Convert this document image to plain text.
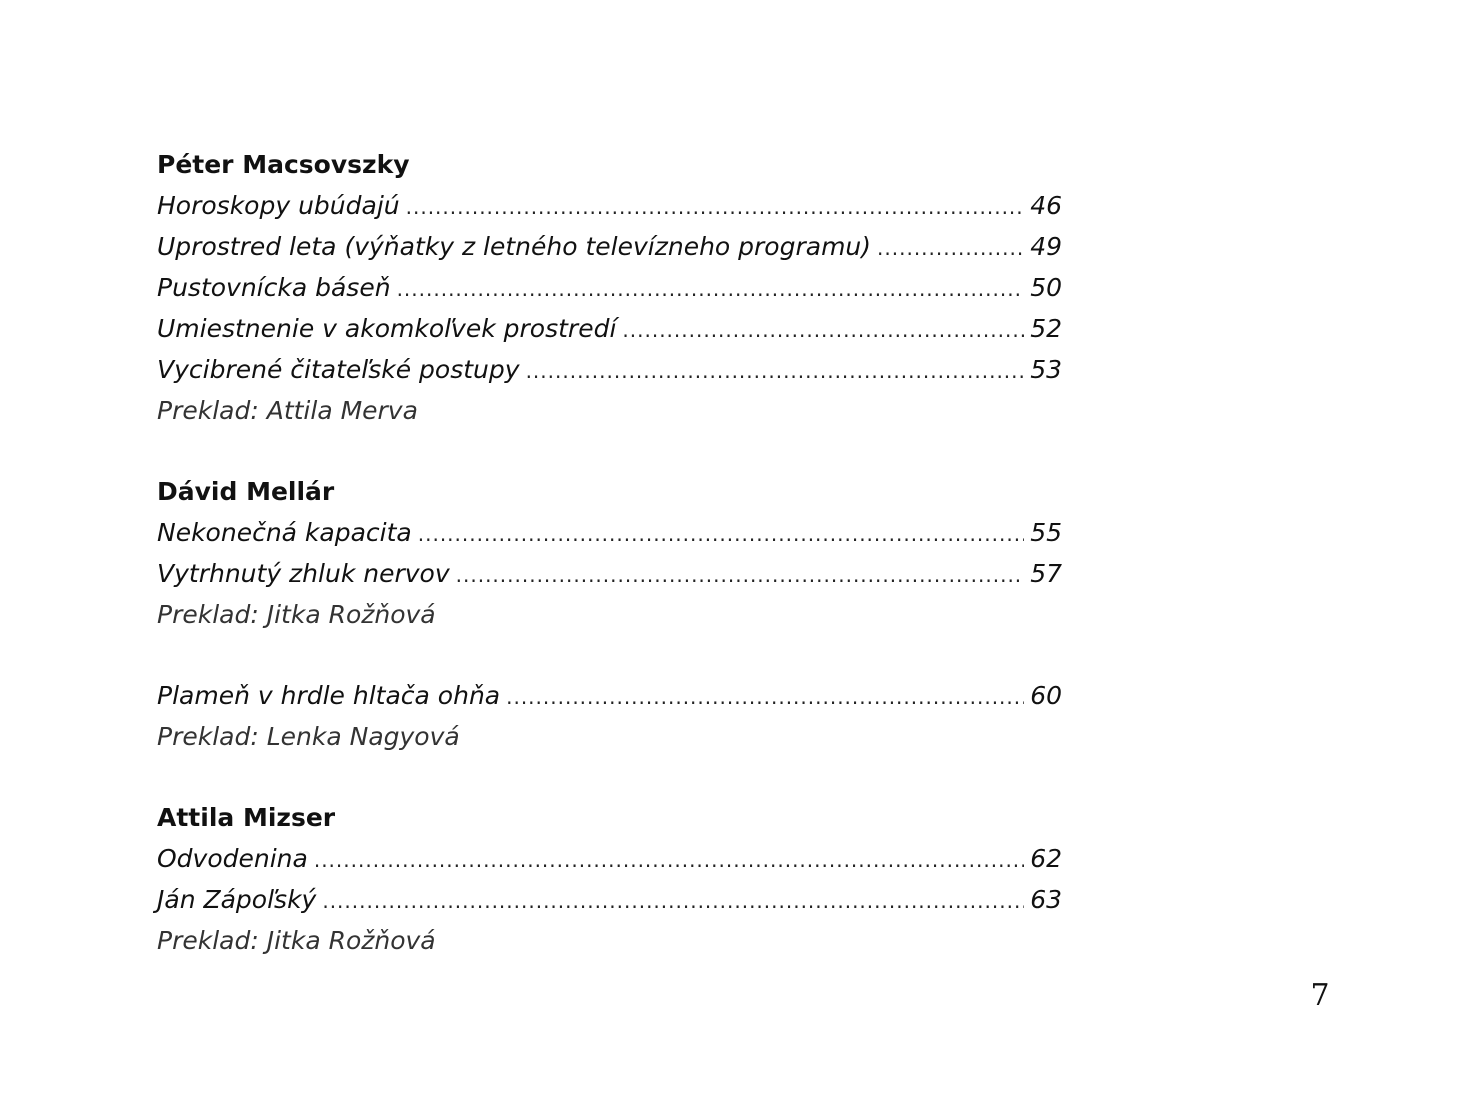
Péter Macsovszky
Horoskopy ubúdajú .....	46
Uprostred leta (výňatky z letného televízneho programu) .....	49
Pustovnícka báseň .....	50
Umiestnenie v akomkoľvek prostredí .....	52
Vycibrené čitateľské postupy .....	53
Preklad: Attila Merva
Dávid Mellár
Nekonečná kapacita .....	55
Vytrhnutý zhluk nervov .....	57
Preklad: Jitka Rožňová
Plameň v hrdle hltača ohňa .....	60
Preklad: Lenka Nagyová
Attila Mizser
Odvodenina .....	62
Ján Zápoľský .....	63
Preklad: Jitka Rožňová
7
